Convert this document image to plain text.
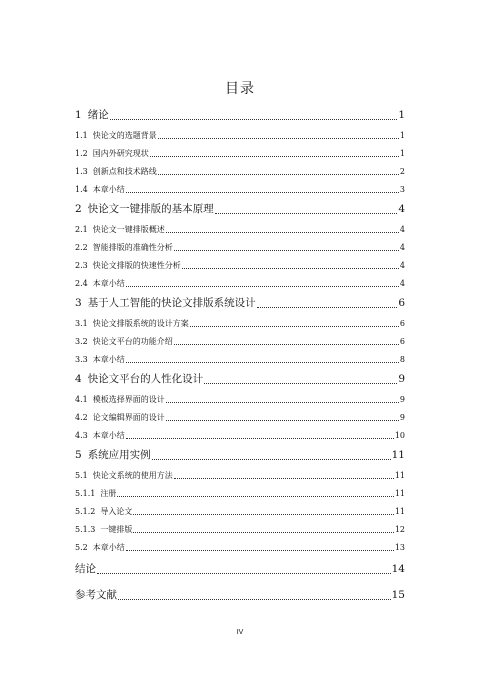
目录
1 绪论	1
1.1 快论文的选题背景	1
1.2 国内外研究现状	1
1.3 创新点和技术路线	2
1.4 本章小结	3
2 快论文一键排版的基本原理	4
2.1 快论文一键排版概述	4
2.2 智能排版的准确性分析	4
2.3 快论文排版的快速性分析	4
2.4 本章小结	4
3 基于人工智能的快论文排版系统设计	6
3.1 快论文排版系统的设计方案	6
3.2 快论文平台的功能介绍	6
3.3 本章小结	8
4 快论文平台的人性化设计	9
4.1 模板选择界面的设计	9
4.2 论文编辑界面的设计	9
4.3 本章小结	10
5 系统应用实例	11
5.1 快论文系统的使用方法	11
5.1.1 注册	11
5.1.2 导入论文	11
5.1.3 一键排版	12
5.2 本章小结	13
结论	14
参考文献	15
IV
